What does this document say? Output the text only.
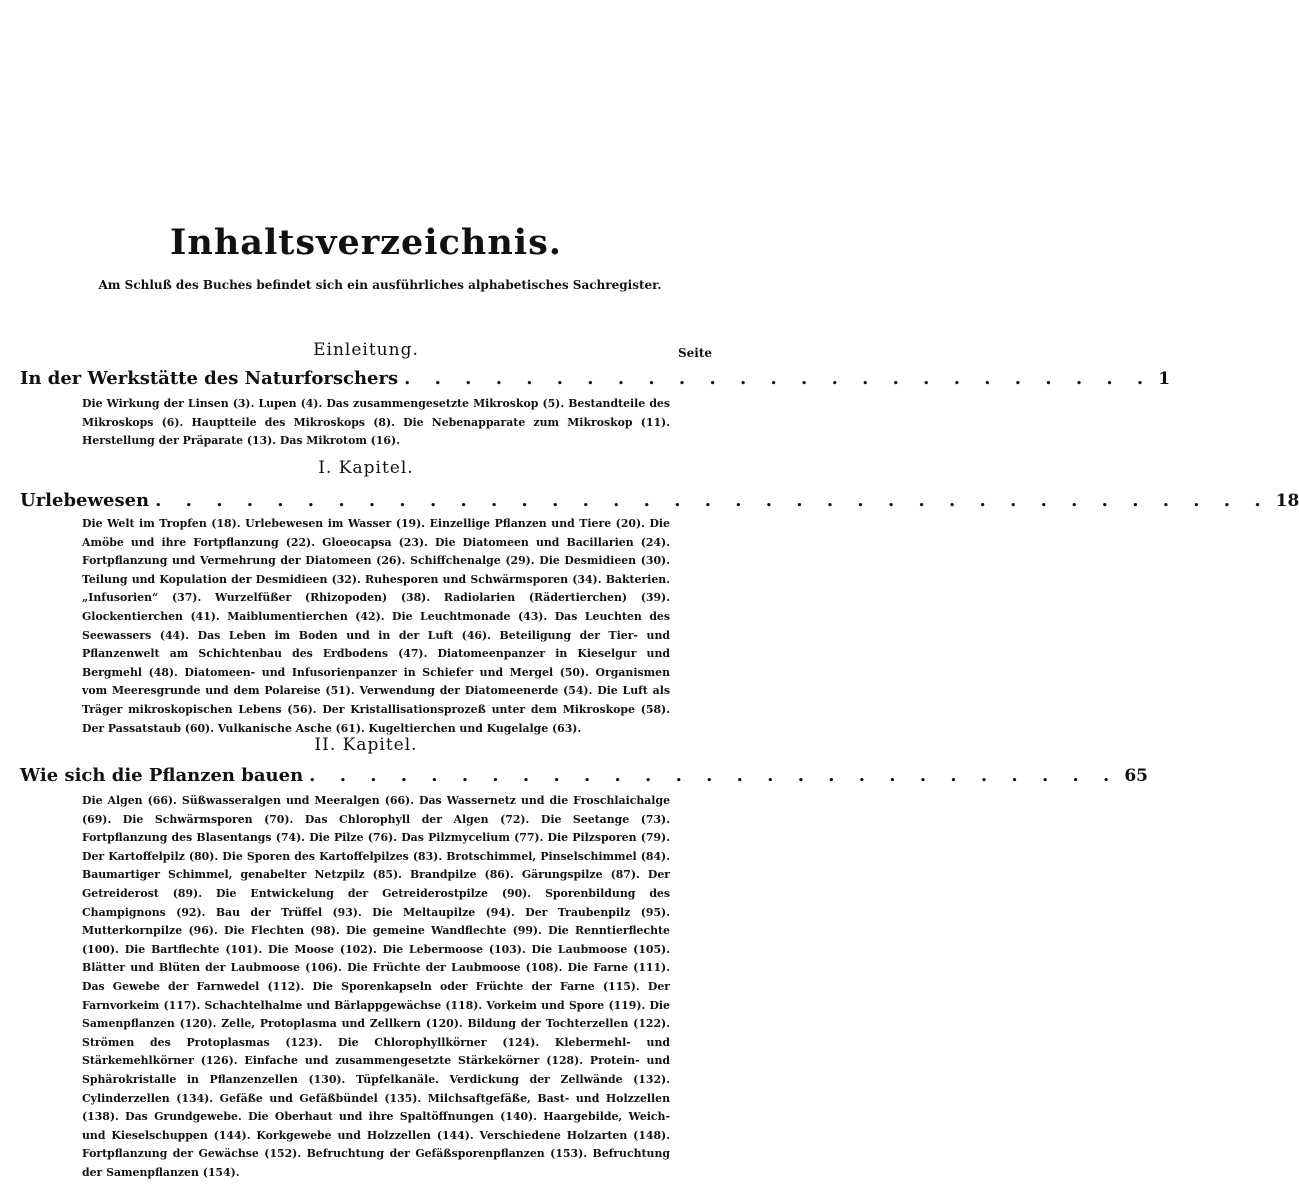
Inhaltsverzeichnis.
Am Schluß des Buches befindet sich ein ausführliches alphabetisches Sachregister.
Einleitung.	Seite
In der Werkstätte des Naturforschers . . . . . . . . . . . . . . . . . . . . . . . . . 1
Die Wirkung der Linsen (3). Lupen (4). Das zusammengesetzte Mikroskop (5). Bestandteile des Mikroskops (6). Hauptteile des Mikroskops (8). Die Nebenapparate zum Mikroskop (11). Herstellung der Präparate (13). Das Mikrotom (16).
I. Kapitel.
Urlebewesen . . . . . . . . . . . . . . . . . . . . . . . . . . . . . . . . . . . . . 18
Die Welt im Tropfen (18). Urlebewesen im Wasser (19). Einzellige Pflanzen und Tiere (20). Die Amöbe und ihre Fortpflanzung (22). Gloeocapsa (23). Die Diatomeen und Bacillarien (24). Fortpflanzung und Vermehrung der Diatomeen (26). Schiffchenalge (29). Die Desmidieen (30). Teilung und Kopulation der Desmidieen (32). Ruhesporen und Schwärmsporen (34). Bakterien. „Infusorien“ (37). Wurzelfüßer (Rhizopoden) (38). Radiolarien (Rädertierchen) (39). Glockentierchen (41). Maiblumentierchen (42). Die Leuchtmonade (43). Das Leuchten des Seewassers (44). Das Leben im Boden und in der Luft (46). Beteiligung der Tier- und Pflanzenwelt am Schichtenbau des Erdbodens (47). Diatomeenpanzer in Kieselgur und Bergmehl (48). Diatomeen- und Infusorienpanzer in Schiefer und Mergel (50). Organismen vom Meeresgrunde und dem Polareise (51). Verwendung der Diatomeenerde (54). Die Luft als Träger mikroskopischen Lebens (56). Der Kristallisationsprozeß unter dem Mikroskope (58). Der Passatstaub (60). Vulkanische Asche (61). Kugeltierchen und Kugelalge (63).
II. Kapitel.
Wie sich die Pflanzen bauen . . . . . . . . . . . . . . . . . . . . . . . . . . . 65
Die Algen (66). Süßwasseralgen und Meeralgen (66). Das Wassernetz und die Froschlaichalge (69). Die Schwärmsporen (70). Das Chlorophyll der Algen (72). Die Seetange (73). Fortpflanzung des Blasentangs (74). Die Pilze (76). Das Pilzmycelium (77). Die Pilzsporen (79). Der Kartoffelpilz (80). Die Sporen des Kartoffelpilzes (83). Brotschimmel, Pinselschimmel (84). Baumartiger Schimmel, genabelter Netzpilz (85). Brandpilze (86). Gärungspilze (87). Der Getreiderost (89). Die Entwickelung der Getreiderostpilze (90). Sporenbildung des Champignons (92). Bau der Trüffel (93). Die Meltaupilze (94). Der Traubenpilz (95). Mutterkornpilze (96). Die Flechten (98). Die gemeine Wandflechte (99). Die Renntierflechte (100). Die Bartflechte (101). Die Moose (102). Die Lebermoose (103). Die Laubmoose (105). Blätter und Blüten der Laubmoose (106). Die Früchte der Laubmoose (108). Die Farne (111). Das Gewebe der Farnwedel (112). Die Sporenkapseln oder Früchte der Farne (115). Der Farnvorkeim (117). Schachtelhalme und Bärlappgewächse (118). Vorkeim und Spore (119). Die Samenpflanzen (120). Zelle, Protoplasma und Zellkern (120). Bildung der Tochterzellen (122). Strömen des Protoplasmas (123). Die Chlorophyllkörner (124). Klebermehl- und Stärkemehlkörner (126). Einfache und zusammengesetzte Stärkekörner (128). Protein- und Sphärokristalle in Pflanzenzellen (130). Tüpfelkanäle. Verdickung der Zellwände (132). Cylinderzellen (134). Gefäße und Gefäßbündel (135). Milchsaftgefäße, Bast- und Holzzellen (138). Das Grundgewebe. Die Oberhaut und ihre Spaltöffnungen (140). Haargebilde, Weich- und Kieselschuppen (144). Korkgewebe und Holzzellen (144). Verschiedene Holzarten (148). Fortpflanzung der Gewächse (152). Befruchtung der Gefäßsporenpflanzen (153). Befruchtung der Samenpflanzen (154).
